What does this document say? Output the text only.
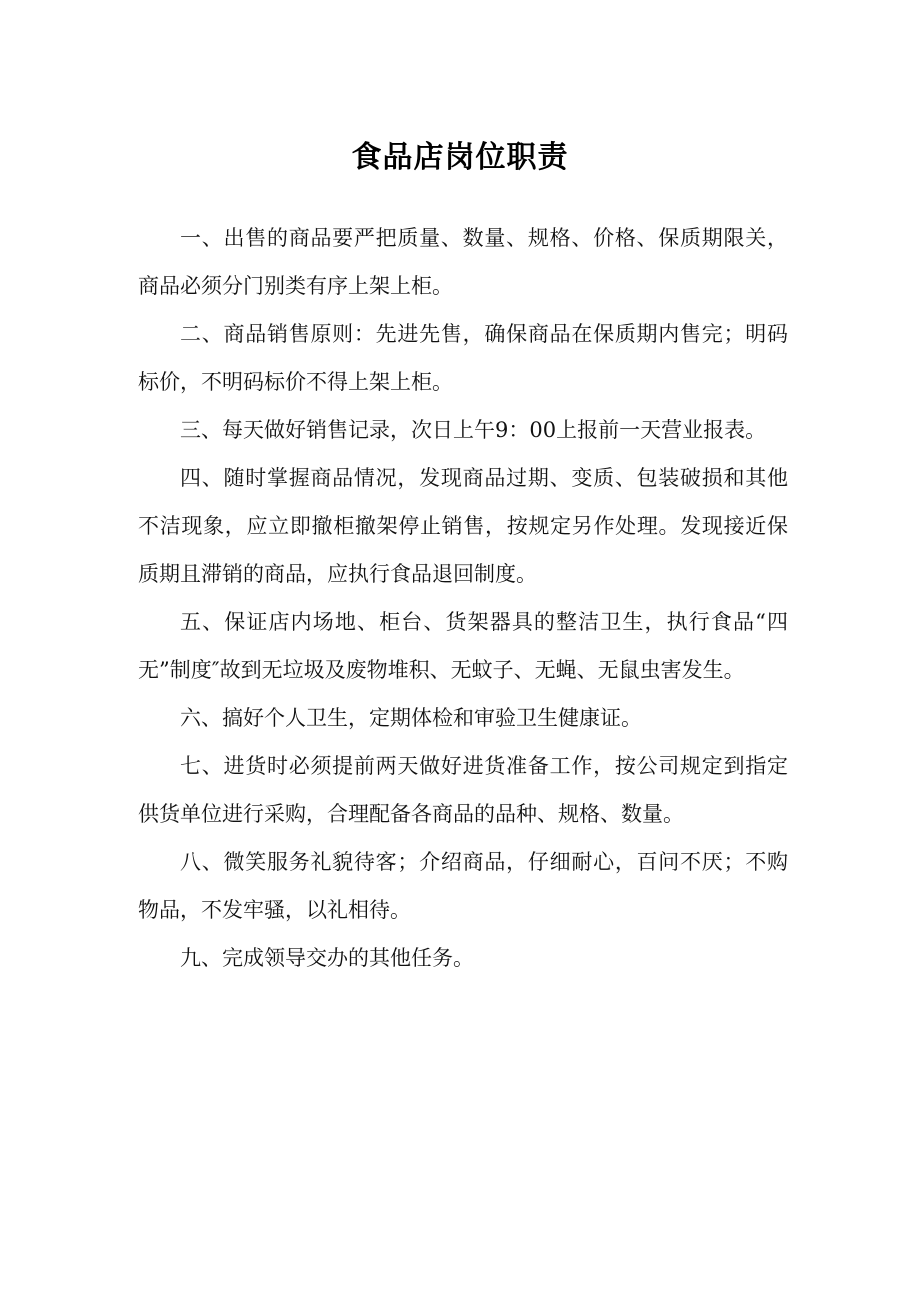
食品店岗位职责

一、出售的商品要严把质量、数量、规格、价格、保质期限关，商品必须分门别类有序上架上柜。

二、商品销售原则：先进先售，确保商品在保质期内售完；明码标价，不明码标价不得上架上柜。

三、每天做好销售记录，次日上午9：00上报前一天营业报表。

四、随时掌握商品情况，发现商品过期、变质、包装破损和其他不洁现象，应立即撤柜撤架停止销售，按规定另作处理。发现接近保质期且滞销的商品，应执行食品退回制度。

五、保证店内场地、柜台、货架器具的整洁卫生，执行食品“四无”制度″故到无垃圾及废物堆积、无蚊子、无蝇、无鼠虫害发生。

六、搞好个人卫生，定期体检和审验卫生健康证。

七、进货时必须提前两天做好进货准备工作，按公司规定到指定供货单位进行采购，合理配备各商品的品种、规格、数量。

八、微笑服务礼貌待客；介绍商品，仔细耐心，百问不厌；不购物品，不发牢骚，以礼相待。

九、完成领导交办的其他任务。
